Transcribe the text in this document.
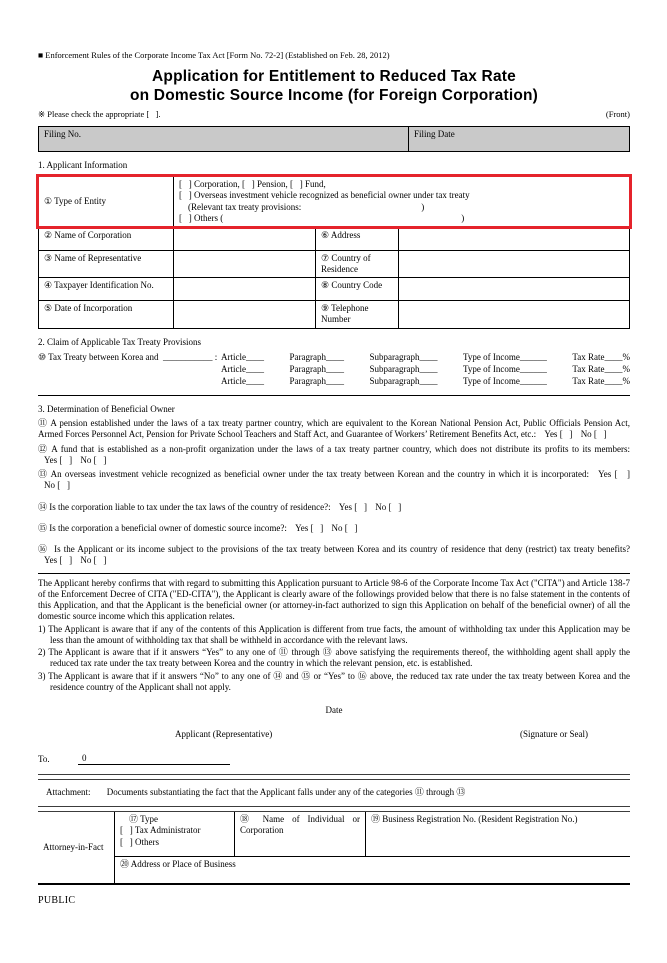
■ Enforcement Rules of the Corporate Income Tax Act [Form No. 72-2] (Established on Feb. 28, 2012)
Application for Entitlement to Reduced Tax Rate
on Domestic Source Income (for Foreign Corporation)
※ Please check the appropriate [   ].	(Front)
Filing No.	Filing Date
1. Applicant Information
① Type of Entity
[   ] Corporation, [   ] Pension, [   ] Fund,
[   ] Overseas investment vehicle recognized as beneficial owner under tax treaty
(Relevant tax treaty provisions:	)
[   ] Others (	)
② Name of Corporation	⑥ Address
③ Name of Representative	⑦ Country of Residence
④ Taxpayer Identification No.	⑧ Country Code
⑤ Date of Incorporation	⑨ Telephone Number
2. Claim of Applicable Tax Treaty Provisions
⑩ Tax Treaty between Korea and  ___________ : Article____	Paragraph____	Subparagraph____	Type of Income______	Tax Rate____%
Article____	Paragraph____	Subparagraph____	Type of Income______	Tax Rate____%
Article____	Paragraph____	Subparagraph____	Type of Income______	Tax Rate____%
3. Determination of Beneficial Owner
⑪ A pension established under the laws of a tax treaty partner country, which are equivalent to the Korean National Pension Act, Public Officials Pension Act, Armed Forces Personnel Act, Pension for Private School Teachers and Staff Act, and Guarantee of Workers’ Retirement Benefits Act, etc.: Yes [   ] No [   ]
⑫ A fund that is established as a non-profit organization under the laws of a tax treaty partner country, which does not distribute its profits to its members: Yes [   ] No [   ]
⑬ An overseas investment vehicle recognized as beneficial owner under the tax treaty between Korean and the country in which it is incorporated: Yes [   ] No [   ]
⑭ Is the corporation liable to tax under the tax laws of the country of residence?: Yes [   ] No [   ]
⑮ Is the corporation a beneficial owner of domestic source income?: Yes [   ] No [   ]
⑯  Is the Applicant or its income subject to the provisions of the tax treaty between Korea and its country of residence that deny (restrict) tax treaty benefits? Yes [   ] No [   ]
The Applicant hereby confirms that with regard to submitting this Application pursuant to Article 98-6 of the Corporate Income Tax Act ("CITA") and Article 138-7 of the Enforcement Decree of CITA ("ED-CITA"), the Applicant is clearly aware of the followings provided below that there is no false statement in the contents of this Application, and that the Applicant is the beneficial owner (or attorney-in-fact authorized to sign this Application on behalf of the beneficial owner) of all the domestic source income which this application relates.
1) The Applicant is aware that if any of the contents of this Application is different from true facts, the amount of withholding tax under this Application may be less than the amount of withholding tax that shall be withheld in accordance with the relevant laws.
2) The Applicant is aware that if it answers “Yes” to any one of ⑪ through ⑬ above satisfying the requirements thereof, the withholding agent shall apply the reduced tax rate under the tax treaty between Korea and the country in which the relevant pension, etc. is established.
3) The Applicant is aware that if it answers “No” to any one of ⑭ and ⑮ or “Yes” to ⑯ above, the reduced tax rate under the tax treaty between Korea and the residence country of the Applicant shall not apply.
Date
Applicant (Representative)	(Signature or Seal)
To.	0
Attachment: Documents substantiating the fact that the Applicant falls under any of the categories ⑪ through ⑬
Attorney-in-Fact
⑰ Type
[   ] Tax Administrator
[   ] Others
⑱ Name of Individual or Corporation
⑲ Business Registration No. (Resident Registration No.)
⑳ Address or Place of Business
PUBLIC
